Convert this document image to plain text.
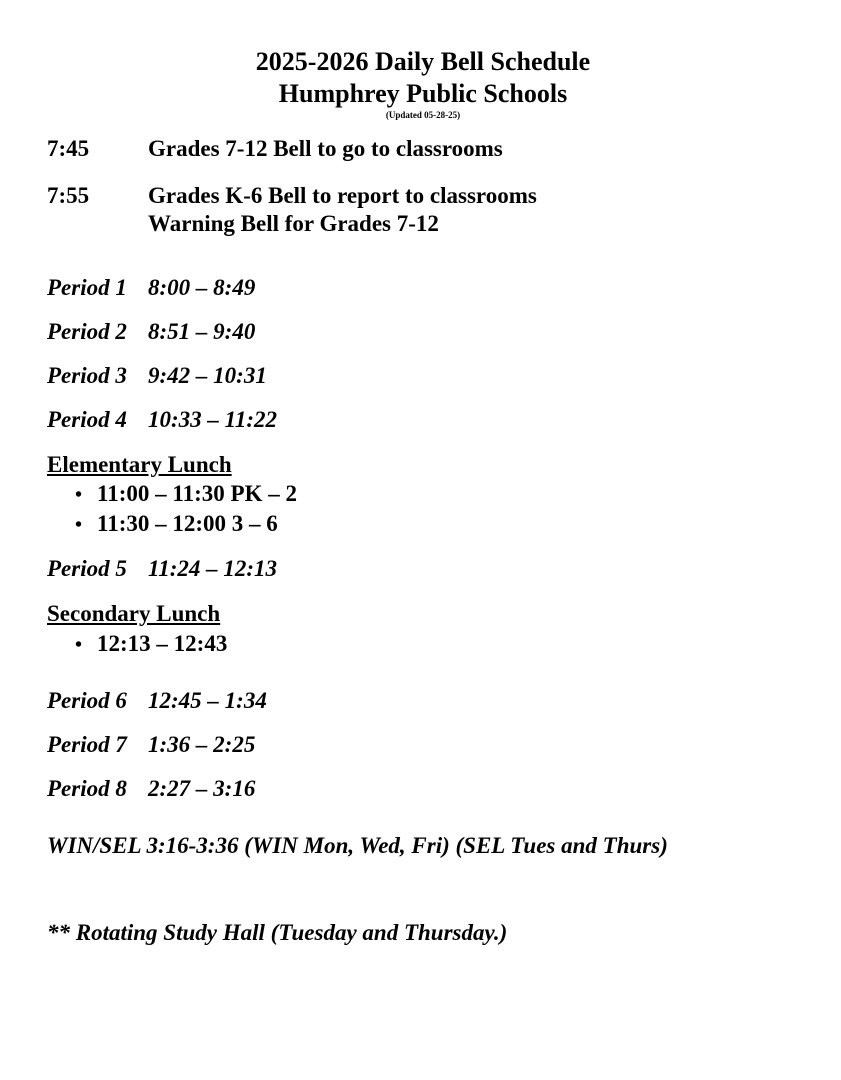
2025-2026 Daily Bell Schedule
Humphrey Public Schools
(Updated 05-28-25)
7:45	Grades 7-12 Bell to go to classrooms
7:55	Grades K-6 Bell to report to classrooms
Warning Bell for Grades 7-12
Period 1 8:00 – 8:49
Period 2 8:51 – 9:40
Period 3 9:42 – 10:31
Period 4 10:33 – 11:22
Elementary Lunch
• 11:00 – 11:30 PK – 2
• 11:30 – 12:00 3 – 6
Period 5 11:24 – 12:13
Secondary Lunch
• 12:13 – 12:43
Period 6 12:45 – 1:34
Period 7 1:36 – 2:25
Period 8 2:27 – 3:16
WIN/SEL 3:16-3:36 (WIN Mon, Wed, Fri) (SEL Tues and Thurs)
** Rotating Study Hall (Tuesday and Thursday.)
